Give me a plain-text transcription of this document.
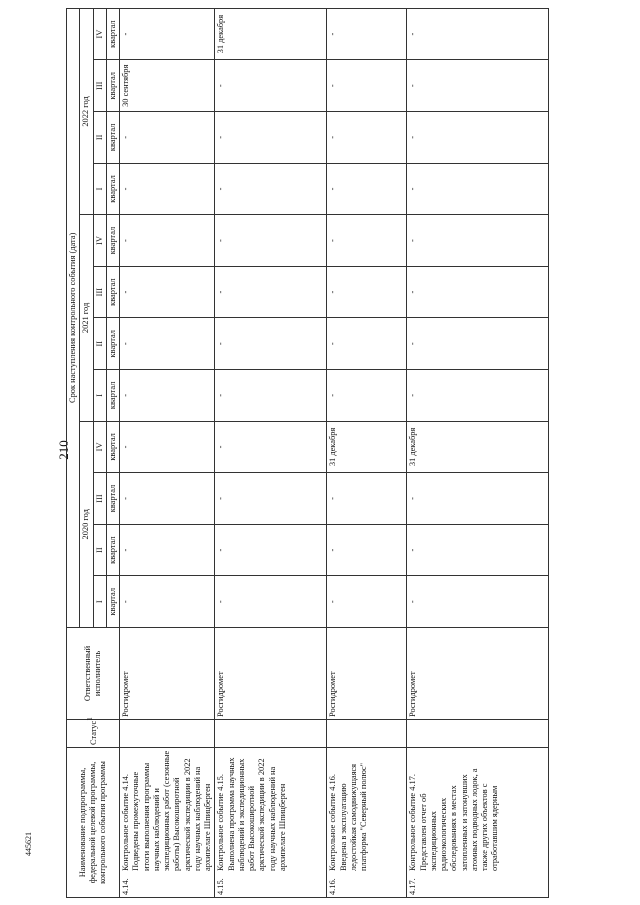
210
445621	Наименование подпрограммы, федеральной целевой программы, контрольного события программы	Статус$^1$	Ответственный исполнитель	Срок наступления контрольного события (дата)											
			2020 год				2021 год				2022 год			
			I	II	III	IV	I	II	III	IV	I	II	III	IV
			квартал	квартал	квартал	квартал	квартал	квартал	квартал	квартал	квартал	квартал	квартал	квартал

4.14.
Контрольное событие 4.14. Подведены промежуточные итоги выполнения программы научных наблюдений и экспедиционных работ (сезонные работы) Высокоширотной арктической экспедиции в 2022 году научных наблюдений на архипелаге Шпицберген		Росгидромет	-	-	-	-	-	-	-	-	-	-	30 сентября	-

4.15.
Контрольное событие 4.15. Выполнена программа научных наблюдений и экспедиционных работ Высокоширотной арктической экспедиции в 2022 году научных наблюдений на архипелаге Шпицберген		Росгидромет	-	-	-	-	-	-	-	-	-	-	-	31 декабря

4.16.
Контрольное событие 4.16. Введена в эксплуатацию ледостойкая самодвижущаяся платформа "Северный полюс"		Росгидромет	-	-	-	31 декабря	-	-	-	-	-	-	-	-

4.17.
Контрольное событие 4.17. Представлен отчет об экспедиционных радиоэкологических обследованиях в местах затопленных и затонувших атомных подводных лодок, а также других объектов с отработавшим ядерным		Росгидромет	-	-	-	31 декабря	-	-	-	-	-	-	-	-
